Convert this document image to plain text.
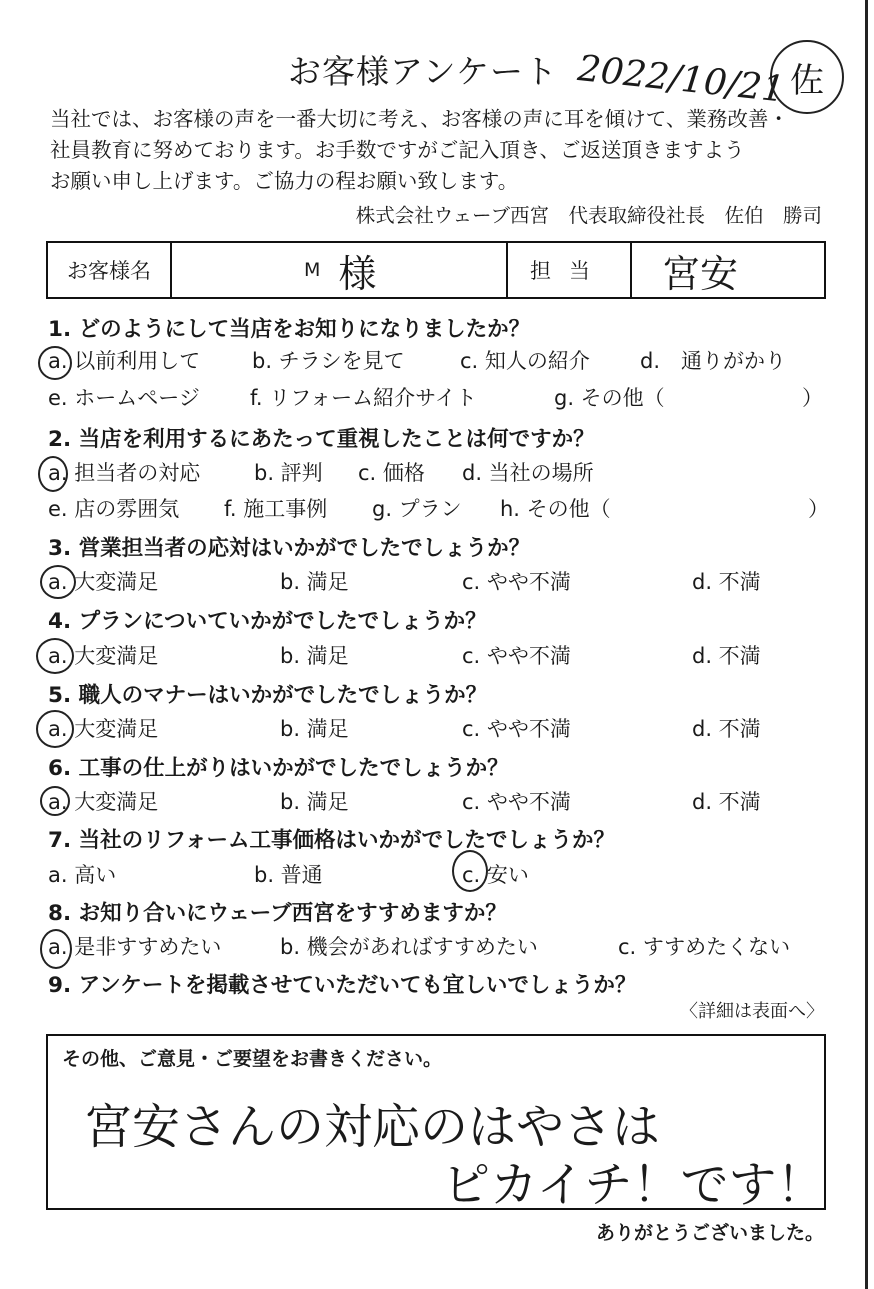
お客様アンケート 2022/10/21 佐
当社では、お客様の声を一番大切に考え、お客様の声に耳を傾けて、業務改善・
社員教育に努めております。お手数ですがご記入頂き、ご返送頂きますよう
お願い申し上げます。ご協力の程お願い致します。
株式会社ウェーブ西宮　代表取締役社長　佐伯　勝司
お客様名	M 様	担当	宮安
1. どのようにして当店をお知りになりましたか？
a. 以前利用して b. チラシを見て	c. 知人の紹介 d.　通りがかり
e. ホームページ f. リフォーム紹介サイト	g. その他（	）
2. 当店を利用するにあたって重視したことは何ですか？
a. 担当者の対応	b. 評判 c. 価格 d. 当社の場所
e. 店の雰囲気 f. 施工事例 g. プラン h. その他（	）
3. 営業担当者の応対はいかがでしたでしょうか？
a. 大変満足	b. 満足	c. やや不満	d. 不満
4. プランについていかがでしたでしょうか？
a. 大変満足	b. 満足	c. やや不満	d. 不満
5. 職人のマナーはいかがでしたでしょうか？
a. 大変満足	b. 満足	c. やや不満	d. 不満
6. 工事の仕上がりはいかがでしたでしょうか？
a. 大変満足	b. 満足	c. やや不満	d. 不満
7. 当社のリフォーム工事価格はいかがでしたでしょうか？
a. 高い	b. 普通	c. 安い
8. お知り合いにウェーブ西宮をすすめますか？
a. 是非すすめたい	b. 機会があればすすめたい	c. すすめたくない
9. アンケートを掲載させていただいても宜しいでしょうか？
〈詳細は表面へ〉
その他、ご意見・ご要望をお書きください。
宮安さんの対応のはやさは
ピカイチ！です！
ありがとうございました。
